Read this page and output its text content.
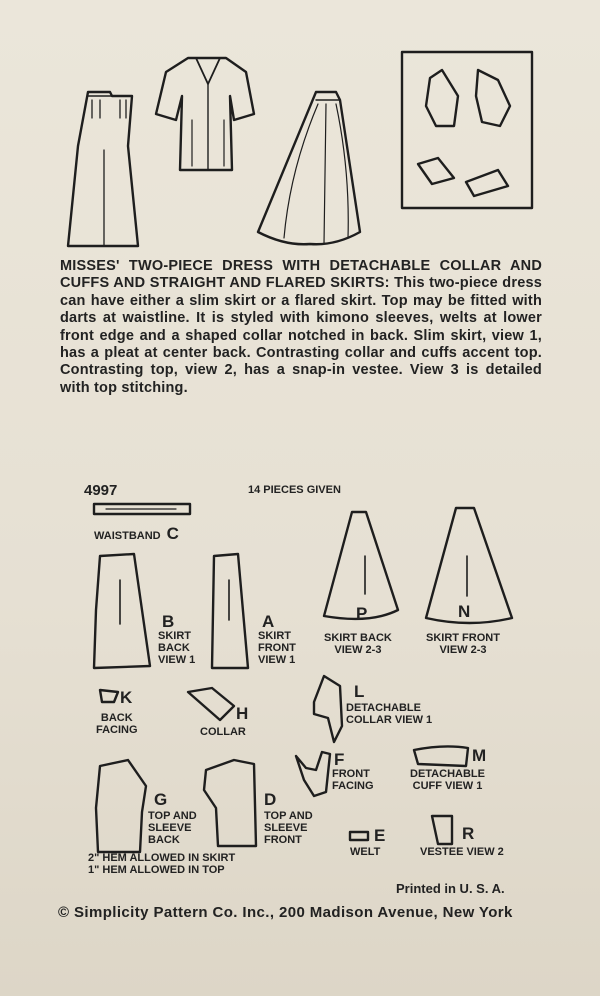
MISSES' TWO-PIECE DRESS WITH DETACHABLE COLLAR AND CUFFS AND STRAIGHT AND FLARED SKIRTS: This two-piece dress can have either a slim skirt or a flared skirt. Top may be fitted with darts at waistline. It is styled with kimono sleeves, welts at lower front edge and a shaped collar notched in back. Slim skirt, view 1, has a pleat at center back. Contrasting collar and cuffs accent top. Contrasting top, view 2, has a snap-in vestee. View 3 is detailed with top stitching.
4997	14 PIECES GIVEN
WAISTBAND C
B
SKIRT
BACK
VIEW 1
A
SKIRT
FRONT
VIEW 1
P
SKIRT BACK
VIEW 2-3
N
SKIRT FRONT
VIEW 2-3
K
BACK
FACING
H
COLLAR
L
DETACHABLE
COLLAR VIEW 1
F
FRONT
FACING
M
DETACHABLE
CUFF VIEW 1
G
TOP AND
SLEEVE
BACK
D
TOP AND
SLEEVE
FRONT	E
WELT
R
VESTEE VIEW 2
2" HEM ALLOWED IN SKIRT
1" HEM ALLOWED IN TOP
Printed in U. S. A.
© Simplicity Pattern Co. Inc., 200 Madison Avenue, New York
